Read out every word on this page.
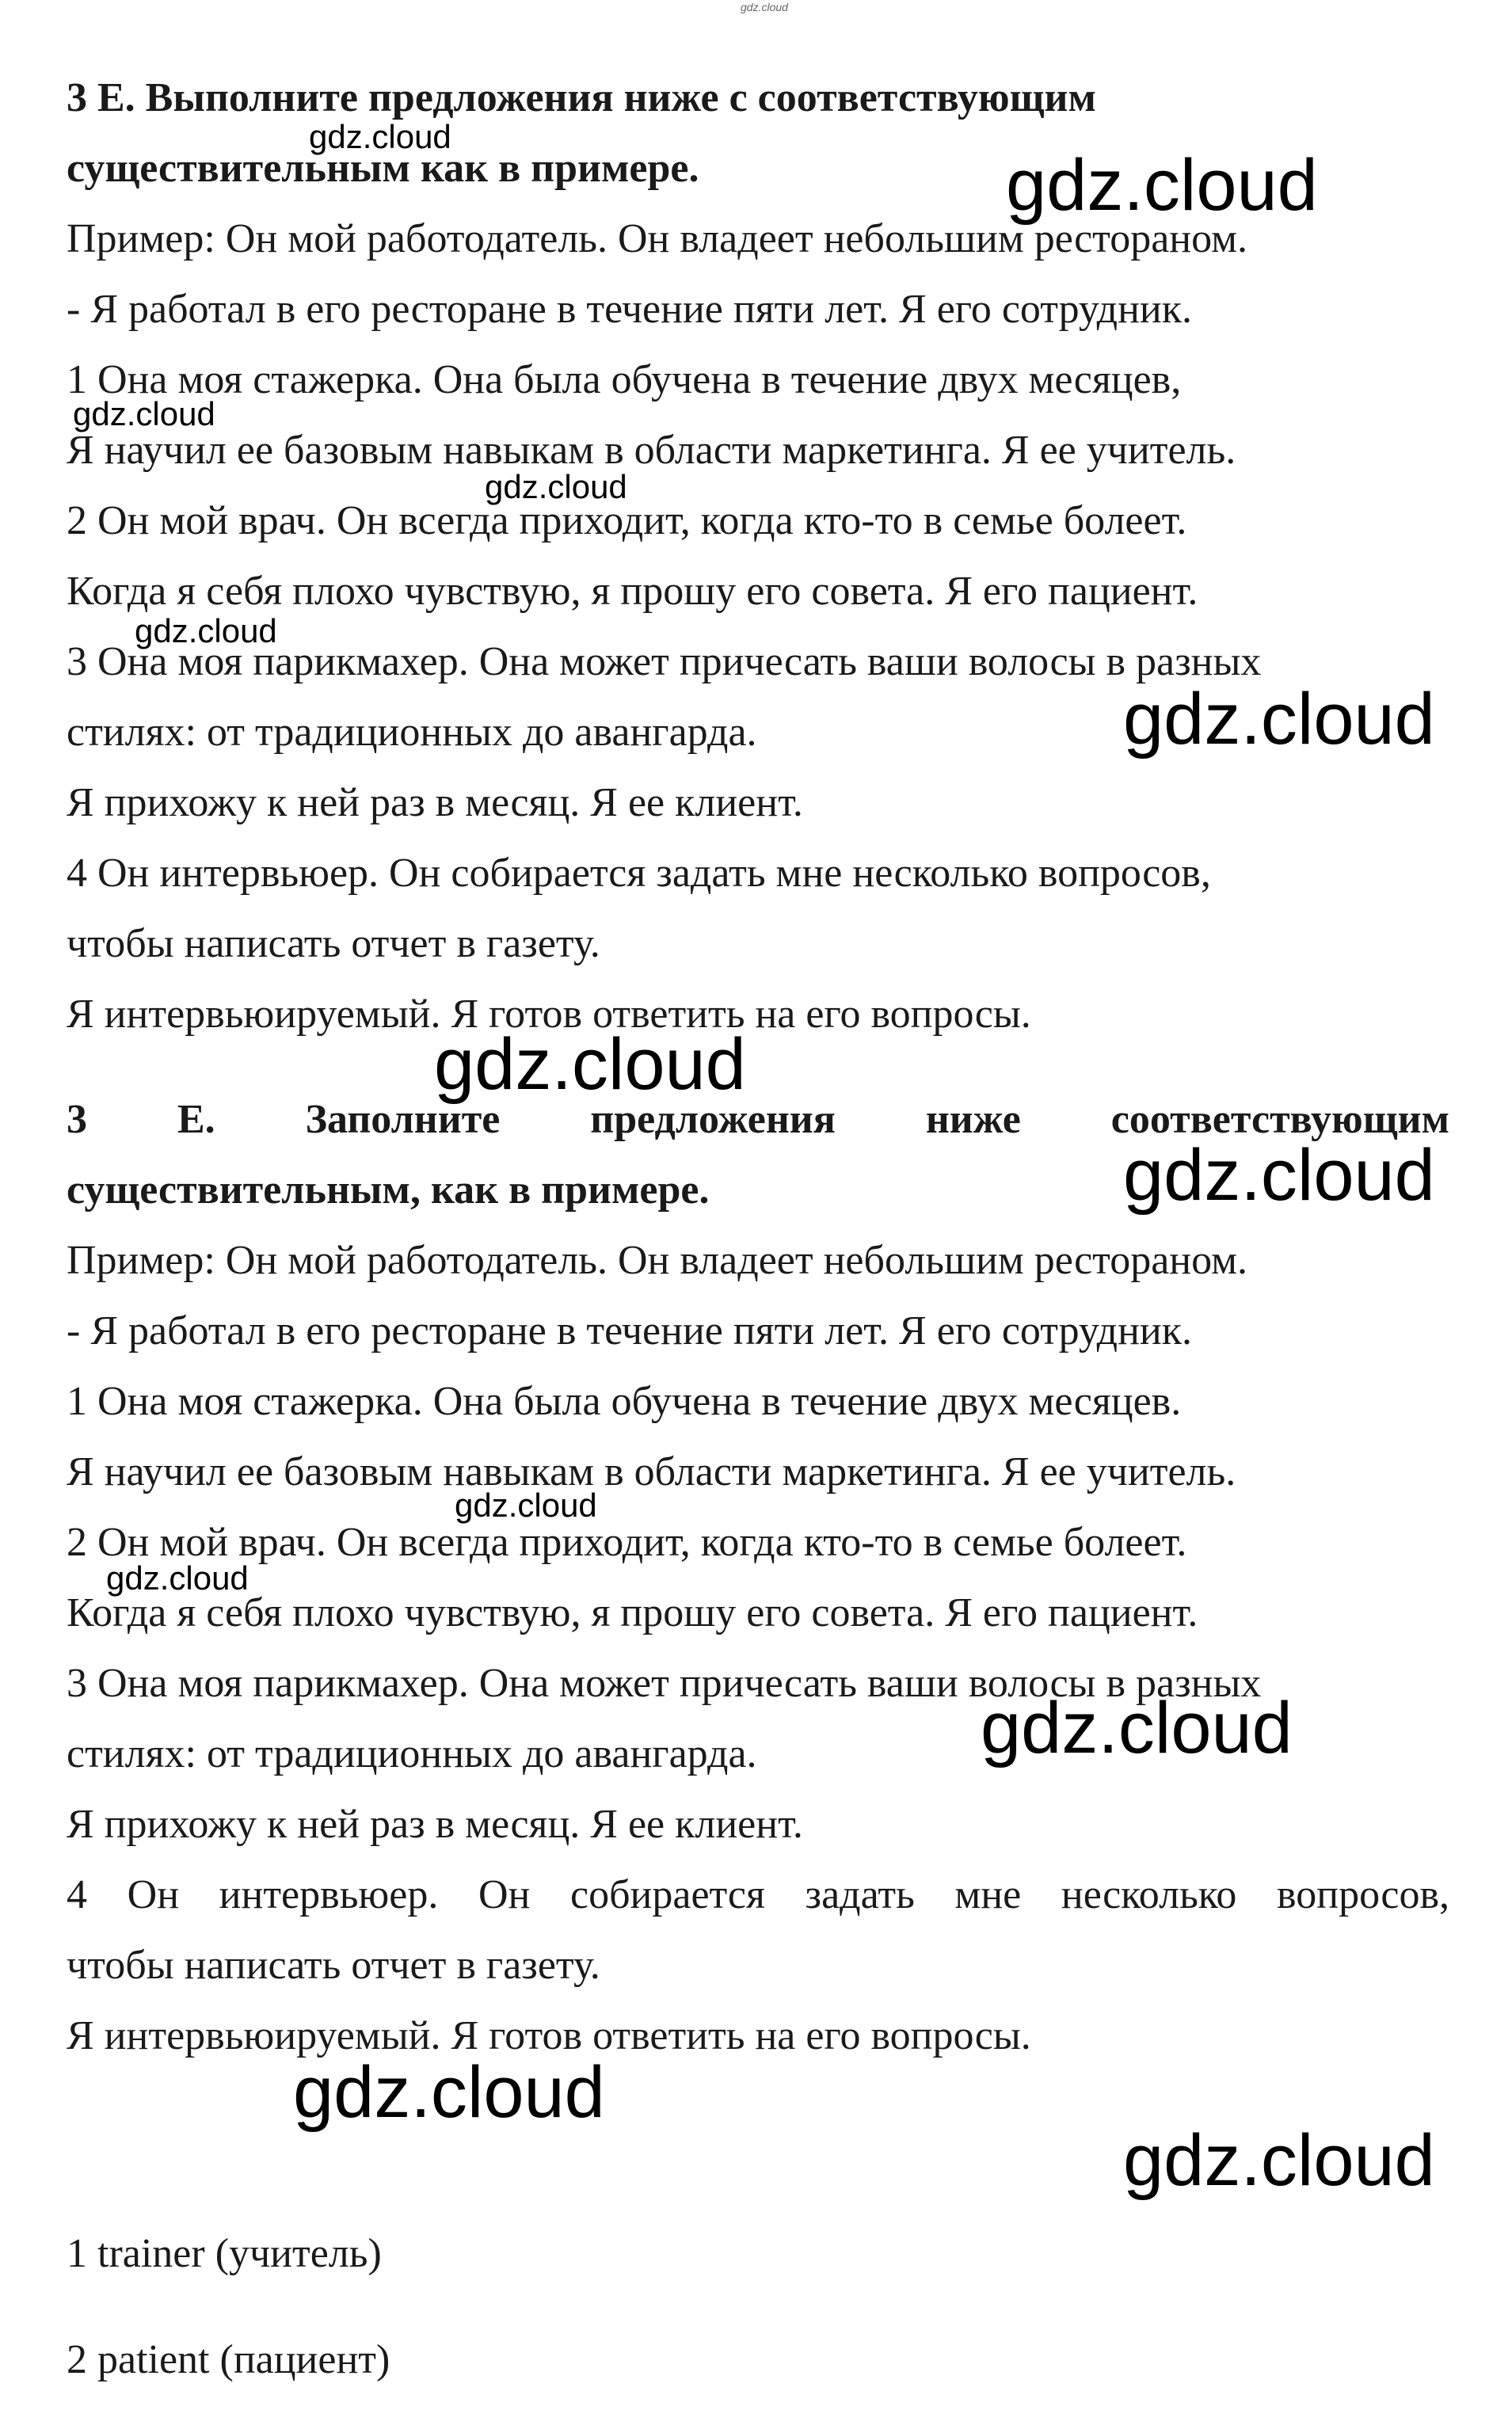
gdz.cloud
3 Е. Выполните предложения ниже с соответствующим
существительным как в примере.
Пример: Он мой работодатель. Он владеет небольшим рестораном.
- Я работал в его ресторане в течение пяти лет. Я его сотрудник.
1 Она моя стажерка. Она была обучена в течение двух месяцев,
Я научил ее базовым навыкам в области маркетинга. Я ее учитель.
2 Он мой врач. Он всегда приходит, когда кто-то в семье болеет.
Когда я себя плохо чувствую, я прошу его совета. Я его пациент.
3 Она моя парикмахер. Она может причесать ваши волосы в разных
стилях: от традиционных до авангарда.
Я прихожу к ней раз в месяц. Я ее клиент.
4 Он интервьюер. Он собирается задать мне несколько вопросов,
чтобы написать отчет в газету.
Я интервьюируемый. Я готов ответить на его вопросы.
3 Е. Заполните предложения ниже соответствующим
существительным, как в примере.
Пример: Он мой работодатель. Он владеет небольшим рестораном.
- Я работал в его ресторане в течение пяти лет. Я его сотрудник.
1 Она моя стажерка. Она была обучена в течение двух месяцев.
Я научил ее базовым навыкам в области маркетинга. Я ее учитель.
2 Он мой врач. Он всегда приходит, когда кто-то в семье болеет.
Когда я себя плохо чувствую, я прошу его совета. Я его пациент.
3 Она моя парикмахер. Она может причесать ваши волосы в разных
стилях: от традиционных до авангарда.
Я прихожу к ней раз в месяц. Я ее клиент.
4 Он интервьюер. Он собирается задать мне несколько вопросов,
чтобы написать отчет в газету.
Я интервьюируемый. Я готов ответить на его вопросы.
1 trainer (учитель)
2 patient (пациент)
gdz.cloud
gdz.cloud
gdz.cloud
gdz.cloud
gdz.cloud
gdz.cloud
gdz.cloud
gdz.cloud
gdz.cloud
gdz.cloud
gdz.cloud
gdz.cloud
gdz.cloud
